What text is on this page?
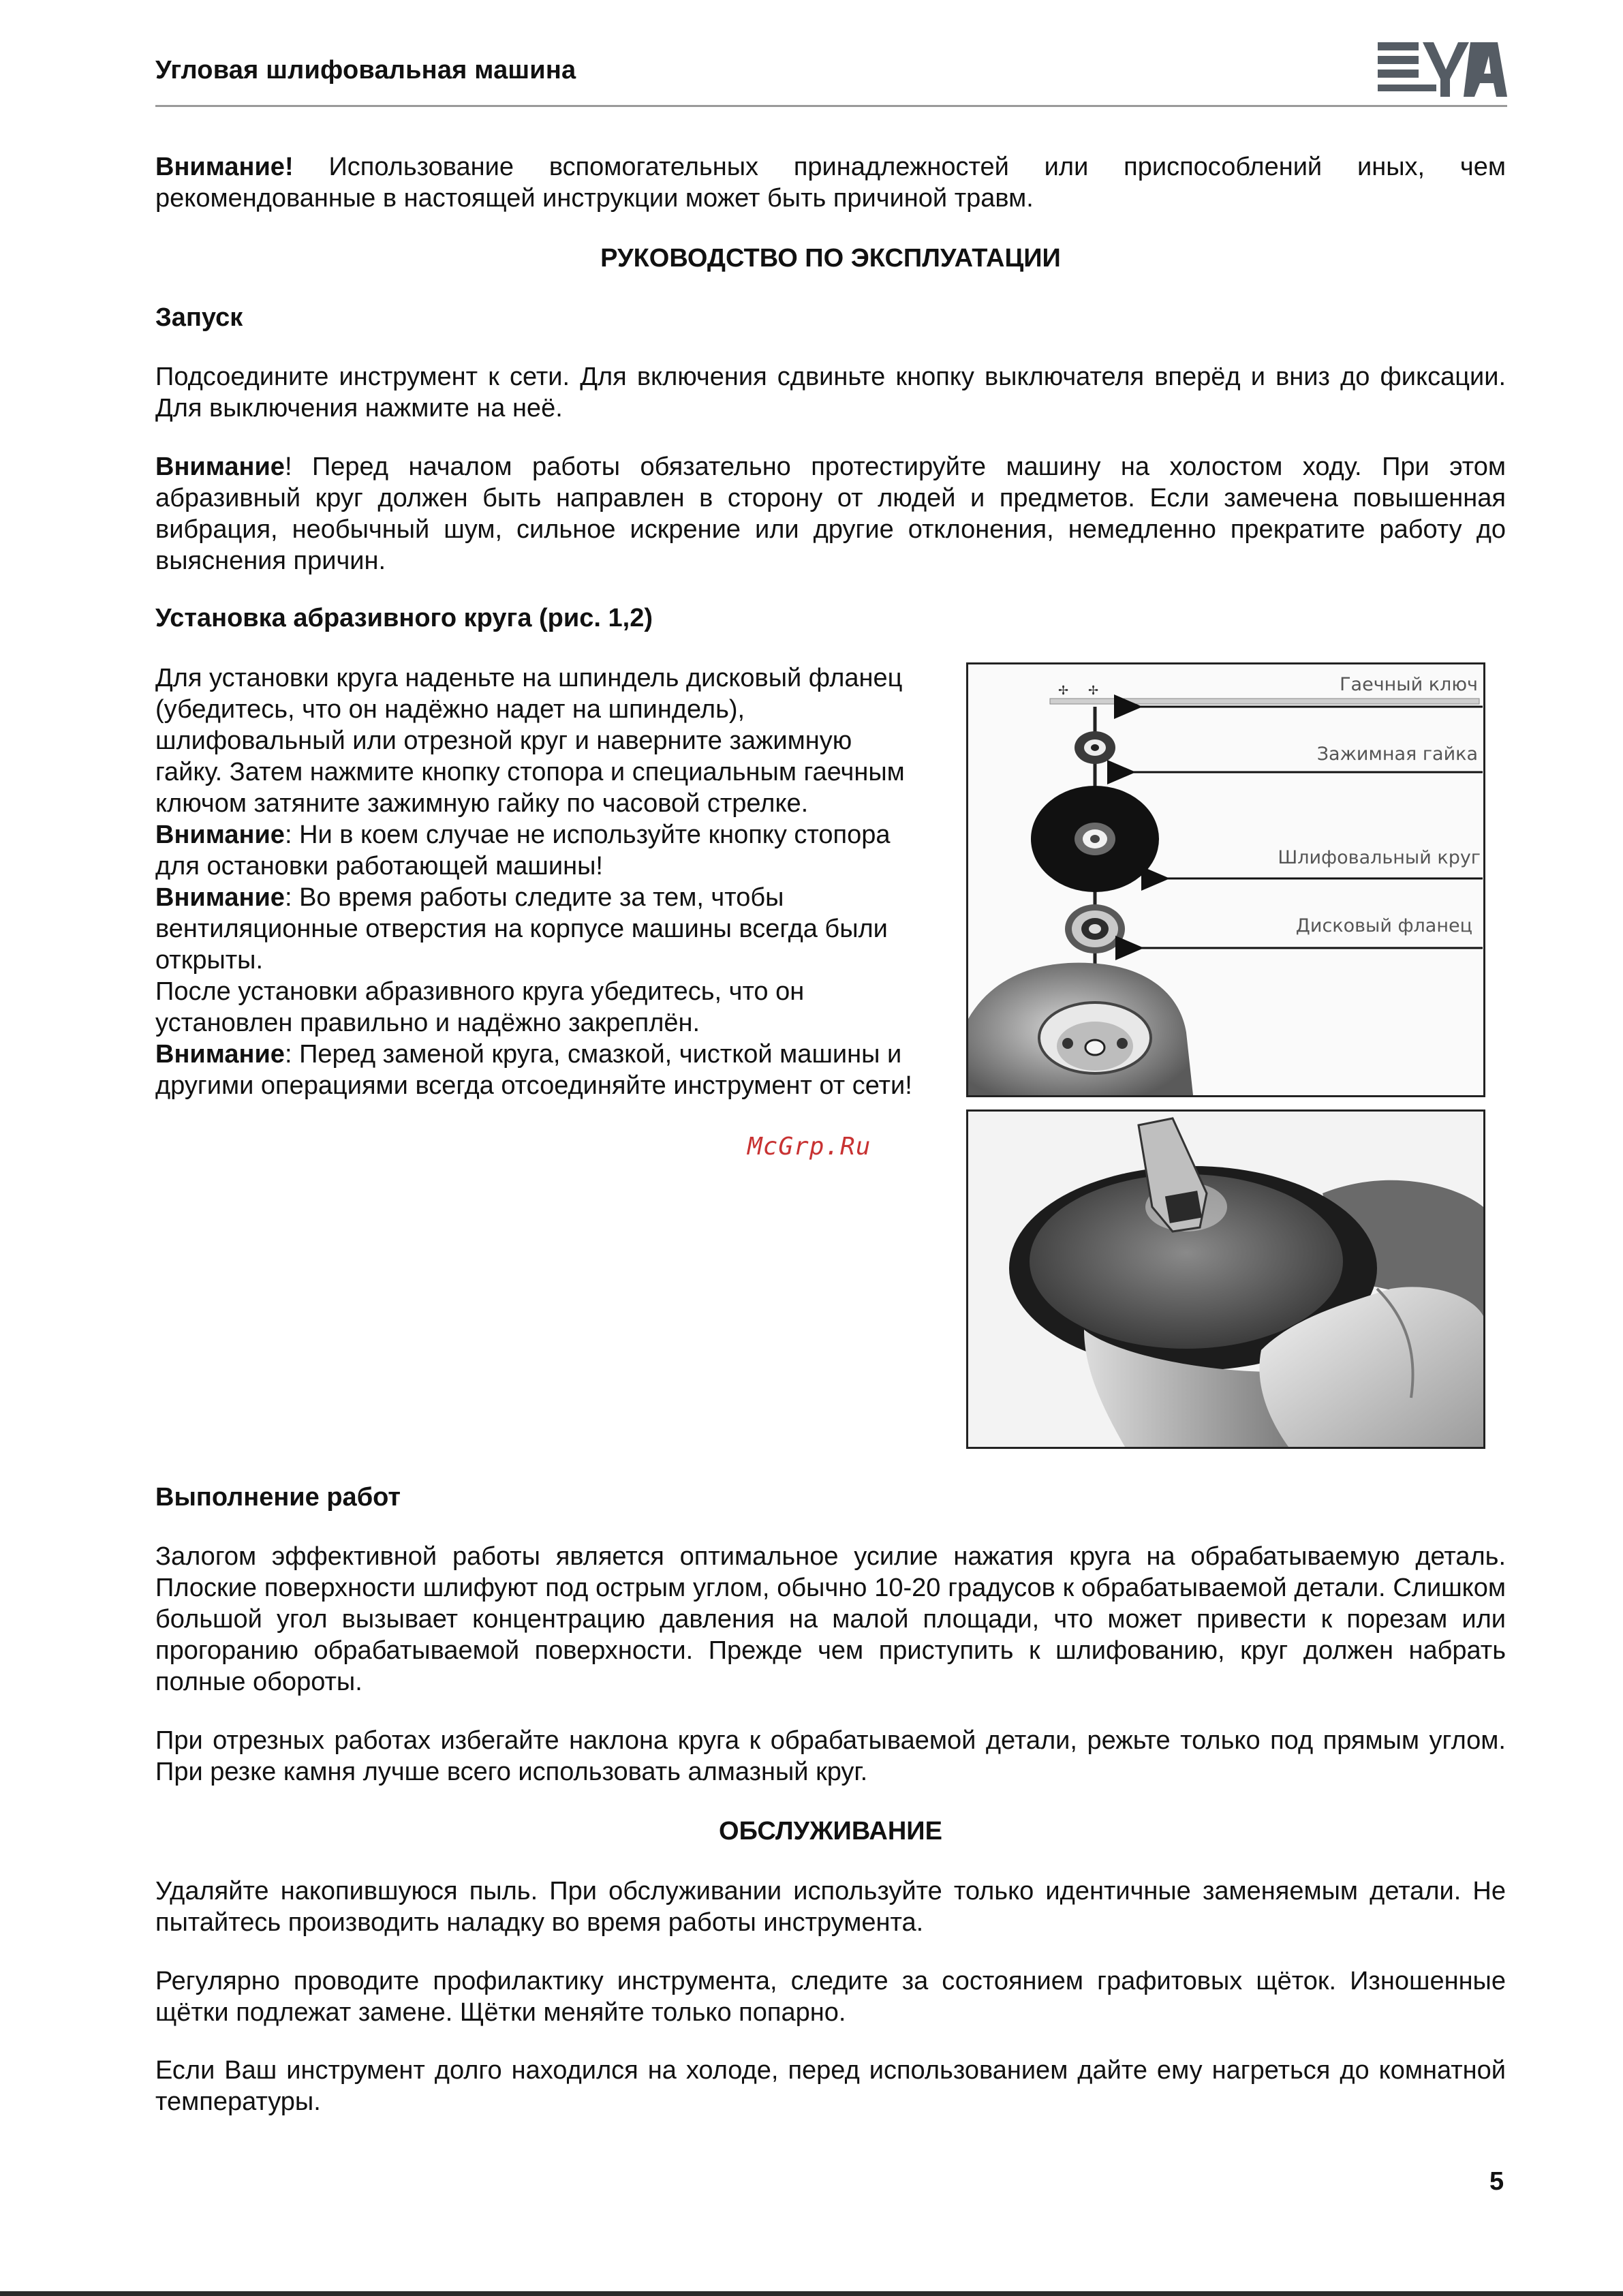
Угловая шлифовальная машина
Внимание! Использование вспомогательных принадлежностей или приспособлений иных, чем рекомендованные в настоящей инструкции может быть причиной травм.
РУКОВОДСТВО ПО ЭКСПЛУАТАЦИИ
Запуск
Подсоедините инструмент к сети. Для включения сдвиньте кнопку выключателя вперёд и вниз до фиксации. Для выключения нажмите на неё.
Внимание! Перед началом работы обязательно протестируйте машину на холостом ходу. При этом абразивный круг должен быть направлен в сторону от людей и предметов. Если замечена повышенная вибрация, необычный шум, сильное искрение или другие отклонения, немедленно прекратите работу до выяснения причин.
Установка абразивного круга (рис. 1,2)

Для установки круга наденьте на шпиндель дисковый фланец (убедитесь, что он надёжно надет на шпиндель), шлифовальный или отрезной круг и наверните зажимную гайку. Затем нажмите кнопку стопора и специальным гаечным ключом затяните зажимную гайку по часовой стрелке.

Внимание: Ни в коем случае не используйте кнопку стопора для остановки работающей машины!

Внимание: Во время работы следите за тем, чтобы вентиляционные отверстия на корпусе машины всегда были открыты.

После установки абразивного круга убедитесь, что он установлен правильно и надёжно закреплён.

Внимание: Перед заменой круга, смазкой, чисткой машины и другими операциями всегда отсоединяйте инструмент от сети!

McGrp.Ru
✢ ✢	Гаечный ключ
Зажимная гайка
Шлифовальный круг
Дисковый фланец
Выполнение работ
Залогом эффективной работы является оптимальное усилие нажатия круга на обрабатываемую деталь. Плоские поверхности шлифуют под острым углом, обычно 10-20 градусов к обрабатываемой детали. Слишком большой угол вызывает концентрацию давления на малой площади, что может привести к порезам или прогоранию обрабатываемой поверхности. Прежде чем приступить к шлифованию, круг должен набрать полные обороты.
При отрезных работах избегайте наклона круга к обрабатываемой детали, режьте только под прямым углом. При резке камня лучше всего использовать алмазный круг.
ОБСЛУЖИВАНИЕ
Удаляйте накопившуюся пыль. При обслуживании используйте только идентичные заменяемым детали. Не пытайтесь производить наладку во время работы инструмента.
Регулярно проводите профилактику инструмента, следите за состоянием графитовых щёток. Изношенные щётки подлежат замене. Щётки меняйте только попарно.
Если Ваш инструмент долго находился на холоде, перед использованием дайте ему нагреться до комнатной температуры.
5
